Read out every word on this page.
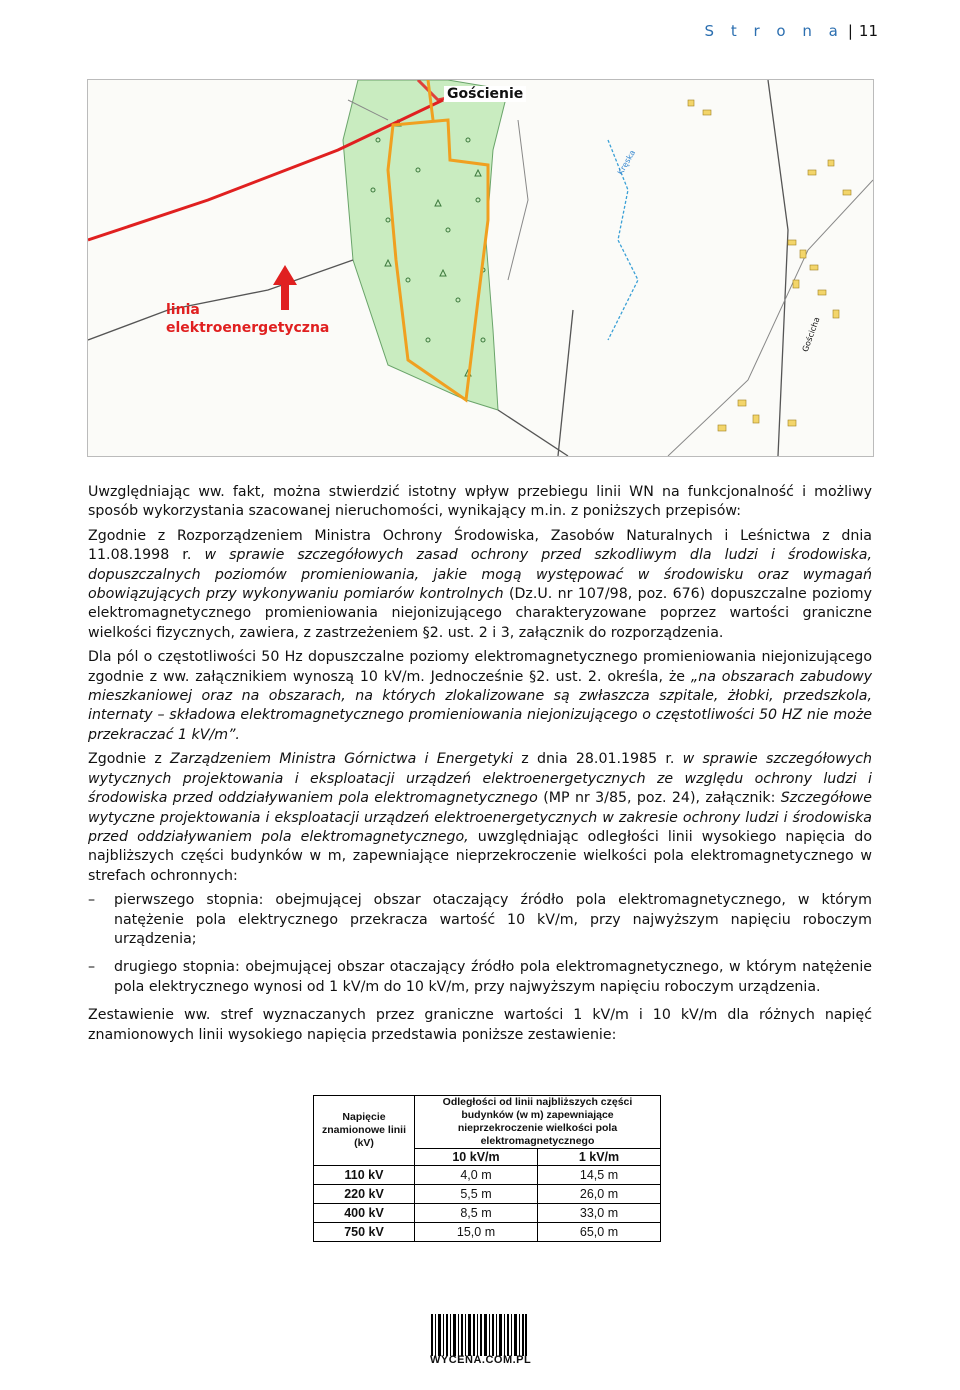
S t r o n a | 11
Gościenie
Kręska
Gościcha
linia
elektroenergetyczna

Uwzględniając ww. fakt, można stwierdzić istotny wpływ przebiegu linii WN na funkcjonalność i możliwy sposób wykorzystania szacowanej nieruchomości, wynikający m.in. z poniższych przepisów:

Zgodnie z Rozporządzeniem Ministra Ochrony Środowiska, Zasobów Naturalnych i Leśnictwa z dnia 11.08.1998 r. w sprawie szczegółowych zasad ochrony przed szkodliwym dla ludzi i środowiska, dopuszczalnych poziomów promieniowania, jakie mogą występować w środowisku oraz wymagań obowiązujących przy wykonywaniu pomiarów kontrolnych (Dz.U. nr 107/98, poz. 676) dopuszczalne poziomy elektromagnetycznego promieniowania niejonizującego charakteryzowane poprzez wartości graniczne wielkości fizycznych, zawiera, z zastrzeżeniem §2. ust. 2 i 3, załącznik do rozporządzenia.

Dla pól o częstotliwości 50 Hz dopuszczalne poziomy elektromagnetycznego promieniowania niejonizującego zgodnie z ww. załącznikiem wynoszą 10 kV/m. Jednocześnie §2. ust. 2. określa, że „na obszarach zabudowy mieszkaniowej oraz na obszarach, na których zlokalizowane są zwłaszcza szpitale, żłobki, przedszkola, internaty – składowa elektromagnetycznego promieniowania niejonizującego o częstotliwości 50 HZ nie może przekraczać 1 kV/m”.

Zgodnie z Zarządzeniem Ministra Górnictwa i Energetyki z dnia 28.01.1985 r. w sprawie szczegółowych wytycznych projektowania i eksploatacji urządzeń elektroenergetycznych ze względu ochrony ludzi i środowiska przed oddziaływaniem pola elektromagnetycznego (MP nr 3/85, poz. 24), załącznik: Szczegółowe wytyczne projektowania i eksploatacji urządzeń elektroenergetycznych w zakresie ochrony ludzi i środowiska przed oddziaływaniem pola elektromagnetycznego, uwzględniając odległości linii wysokiego napięcia do najbliższych części budynków w m, zapewniające nieprzekroczenie wielkości pola elektromagnetycznego w strefach ochronnych:

– pierwszego stopnia: obejmującej obszar otaczający źródło pola elektromagnetycznego, w którym natężenie pola elektrycznego przekracza wartość 10 kV/m, przy najwyższym napięciu roboczym urządzenia;
– drugiego stopnia: obejmującej obszar otaczający źródło pola elektromagnetycznego, w którym natężenie pola elektrycznego wynosi od 1 kV/m do 10 kV/m, przy najwyższym napięciu roboczym urządzenia.

Zestawienie ww. stref wyznaczanych przez graniczne wartości 1 kV/m i 10 kV/m dla różnych napięć znamionowych linii wysokiego napięcia przedstawia poniższe zestawienie:

Napięcie znamionowe linii (kV)	Odległości od linii najbliższych części budynków (w m) zapewniające nieprzekroczenie wielkości pola elektromagnetycznego	
	10 kV/m	1 kV/m
110 kV	4,0 m	14,5 m
220 kV	5,5 m	26,0 m
400 kV	8,5 m	33,0 m
750 kV	15,0 m	65,0 m
WYCENA.COM.PL
